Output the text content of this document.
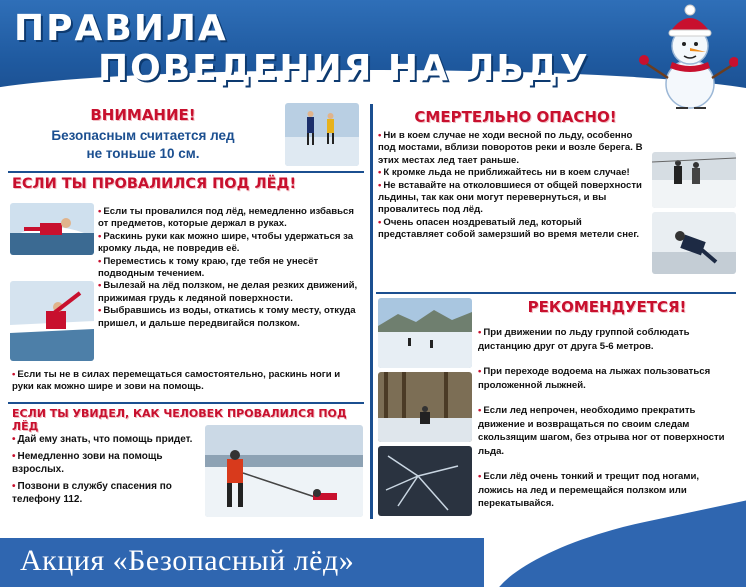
ПРАВИЛА
ПОВЕДЕНИЯ НА ЛЬДУ
ВНИМАНИЕ!
Безопасным считается лед
не тоньше 10 см.
ЕСЛИ ТЫ ПРОВАЛИЛСЯ ПОД ЛЁД!
• Если ты провалился под лёд, немедленно избавься от предметов, которые держал в руках.
• Раскинь руки как можно шире, чтобы удержаться за кромку льда, не повредив её.
• Переместись к тому краю, где тебя не унесёт подводным течением.
• Вылезай на лёд ползком, не делая резких движений, прижимая грудь к ледяной поверхности.
• Выбравшись из воды, откатись к тому месту, откуда пришел, и дальше передвигайся ползком.
• Если ты не в силах перемещаться самостоятельно, раскинь ноги и руки как можно шире и зови на помощь.
ЕСЛИ ТЫ УВИДЕЛ, КАК ЧЕЛОВЕК ПРОВАЛИЛСЯ ПОД ЛЁД
• Дай ему знать, что помощь придет.
• Немедленно зови на помощь взрослых.
• Позвони в службу спасения по телефону 112.
СМЕРТЕЛЬНО ОПАСНО!
• Ни в коем случае не ходи весной по льду, особенно под мостами, вблизи поворотов реки и возле берега. В этих местах лед тает раньше.
• К кромке льда не приближайтесь ни в коем случае!
• Не вставайте на отколовшиеся от общей поверхности льдины, так как они могут перевернуться, и вы провалитесь под лёд.
• Очень опасен ноздреватый лед, который представляет собой замерзший во время метели снег.
РЕКОМЕНДУЕТСЯ!
• При движении по льду группой соблюдать дистанцию друг от друга 5-6 метров.
• При переходе водоема на лыжах пользоваться проложенной лыжней.
• Если лед непрочен, необходимо прекратить движение и возвращаться по своим следам скользящим шагом, без отрыва ног от поверхности льда.
• Если лёд очень тонкий и трещит под ногами, ложись на лед и перемещайся ползком или перекатывайся.
Акция «Безопасный лёд»
